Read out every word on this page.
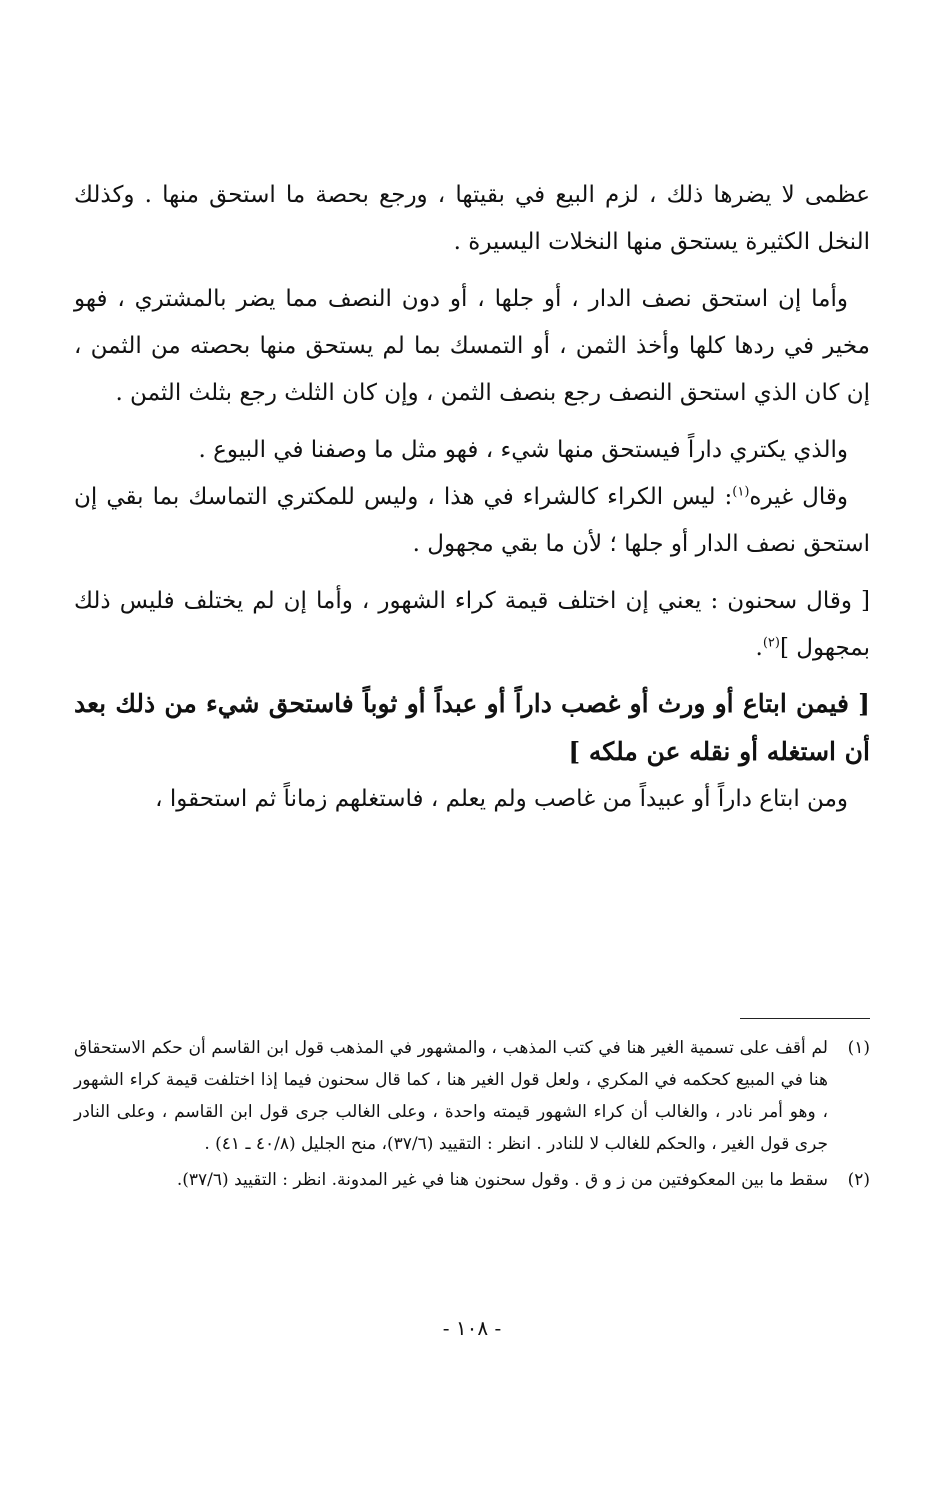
عظمى لا يضرها ذلك ، لزم البيع في بقيتها ، ورجع بحصة ما استحق منها . وكذلك النخل الكثيرة يستحق منها النخلات اليسيرة .

وأما إن استحق نصف الدار ، أو جلها ، أو دون النصف مما يضر بالمشتري ، فهو مخير في ردها كلها وأخذ الثمن ، أو التمسك بما لم يستحق منها بحصته من الثمن ، إن كان الذي استحق النصف رجع بنصف الثمن ، وإن كان الثلث رجع بثلث الثمن .

والذي يكتري داراً فيستحق منها شيء ، فهو مثل ما وصفنا في البيوع .

وقال غيره$^{(١)}$: ليس الكراء كالشراء في هذا ، وليس للمكتري التماسك بما بقي إن استحق نصف الدار أو جلها ؛ لأن ما بقي مجهول .

[ وقال سحنون : يعني إن اختلف قيمة كراء الشهور ، وأما إن لم يختلف فليس ذلك بمجهول ]$^{(٢)}$.

[ فيمن ابتاع أو ورث أو غصب داراً أو عبداً أو ثوباً فاستحق شيء من ذلك بعد أن استغله أو نقله عن ملكه ]

ومن ابتاع داراً أو عبيداً من غاصب ولم يعلم ، فاستغلهم زماناً ثم استحقوا ،

(١)
لم أقف على تسمية الغير هنا في كتب المذهب ، والمشهور في المذهب قول ابن القاسم أن حكم الاستحقاق هنا في المبيع كحكمه في المكري ، ولعل قول الغير هنا ، كما قال سحنون فيما إذا اختلفت قيمة كراء الشهور ، وهو أمر نادر ، والغالب أن كراء الشهور قيمته واحدة ، وعلى الغالب جرى قول ابن القاسم ، وعلى النادر جرى قول الغير ، والحكم للغالب لا للنادر . انظر : التقييد (٣٧/٦)، منح الجليل (٤٠/٨ ـ ٤١) .
(٢)
سقط ما بين المعكوفتين من ز و ق . وقول سحنون هنا في غير المدونة. انظر : التقييد (٣٧/٦).
- ١٠٨ -
